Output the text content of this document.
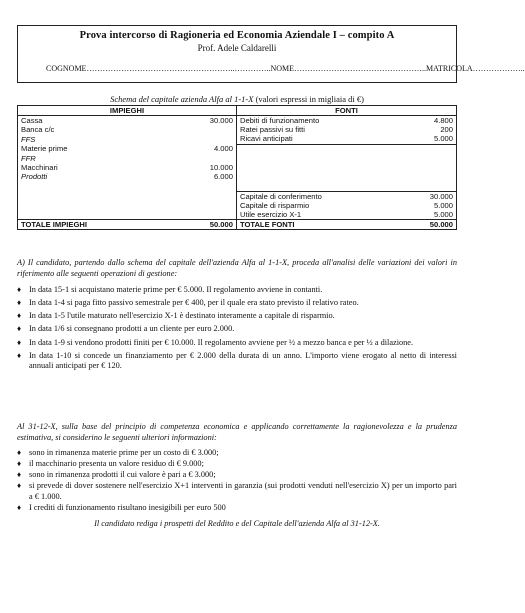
Prova intercorso di Ragioneria ed Economia Aziendale I – compito A
Prof. Adele Caldarelli
COGNOME………………………………………………..…………..NOME…………………………………………..MATRICOLA………………..
Schema del capitale azienda Alfa al 1-1-X (valori espressi in migliaia di €)
IMPIEGHI		FONTI	
Cassa	30.000	Debiti di funzionamento	4.800
Banca c/c		Ratei passivi su fitti	200
FFS		Ricavi anticipati	5.000
Materie prime	4.000		
FFR			
Macchinari	10.000		
Prodotti	6.000		

		Capitale di conferimento	30.000
		Capitale di risparmio	5.000
		Utile esercizio X-1	5.000
TOTALE IMPIEGHI	50.000	TOTALE FONTI	50.000
A) Il candidato, partendo dallo schema del capitale dell'azienda Alfa al 1-1-X, proceda all'analisi delle variazioni dei valori in riferimento alle seguenti operazioni di gestione:
♦ In data 15-1 si acquistano materie prime per € 5.000. Il regolamento avviene in contanti.
♦ In data 1-4 si paga fitto passivo semestrale per € 400, per il quale era stato previsto il relativo rateo.
♦ In data 1-5 l'utile maturato nell'esercizio X-1 è destinato interamente a capitale di risparmio.
♦ In data 1/6 si consegnano prodotti a un cliente per euro 2.000.
♦ In data 1-9 si vendono prodotti finiti per € 10.000. Il regolamento avviene per ½ a mezzo banca e per ½ a dilazione.
♦ In data 1-10 si concede un finanziamento per € 2.000 della durata di un anno. L'importo viene erogato al netto di interessi annuali anticipati per € 120.
Al 31-12-X, sulla base del principio di competenza economica e applicando correttamente la ragionevolezza e la prudenza estimativa, si considerino le seguenti ulteriori informazioni:
♦ sono in rimanenza materie prime per un costo di € 3.000;
♦ il macchinario presenta un valore residuo di € 9.000;
♦ sono in rimanenza prodotti il cui valore è pari a € 3.000;
♦ si prevede di dover sostenere nell'esercizio X+1 interventi in garanzia (sui prodotti venduti nell'esercizio X) per un importo pari a € 1.000.
♦ I crediti di funzionamento risultano inesigibili per euro 500
Il candidato rediga i prospetti del Reddito e del Capitale dell'azienda Alfa al 31-12-X.
